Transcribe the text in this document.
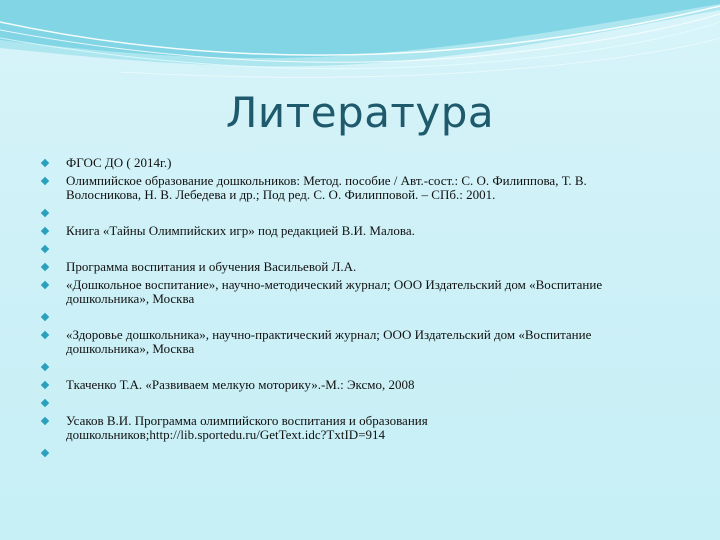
Литература
ФГОС ДО ( 2014г.)
Олимпийское образование дошкольников: Метод. пособие / Авт.-сост.: С. О. Филиппова, Т. В. Волосникова, Н. В. Лебедева и др.; Под ред. С. О. Филипповой. – СПб.: 2001.
Книга «Тайны Олимпийских игр» под редакцией В.И. Малова.
Программа воспитания и обучения Васильевой Л.А.
«Дошкольное воспитание», научно-методический журнал; ООО Издательский дом «Воспитание дошкольника», Москва
«Здоровье дошкольника», научно-практический журнал; ООО Издательский дом «Воспитание дошкольника», Москва
Ткаченко Т.А. «Развиваем мелкую моторику».-М.: Эксмо, 2008
Усаков В.И. Программа олимпийского воспитания и образования дошкольников;http://lib.sportedu.ru/GetText.idc?TxtID=914
